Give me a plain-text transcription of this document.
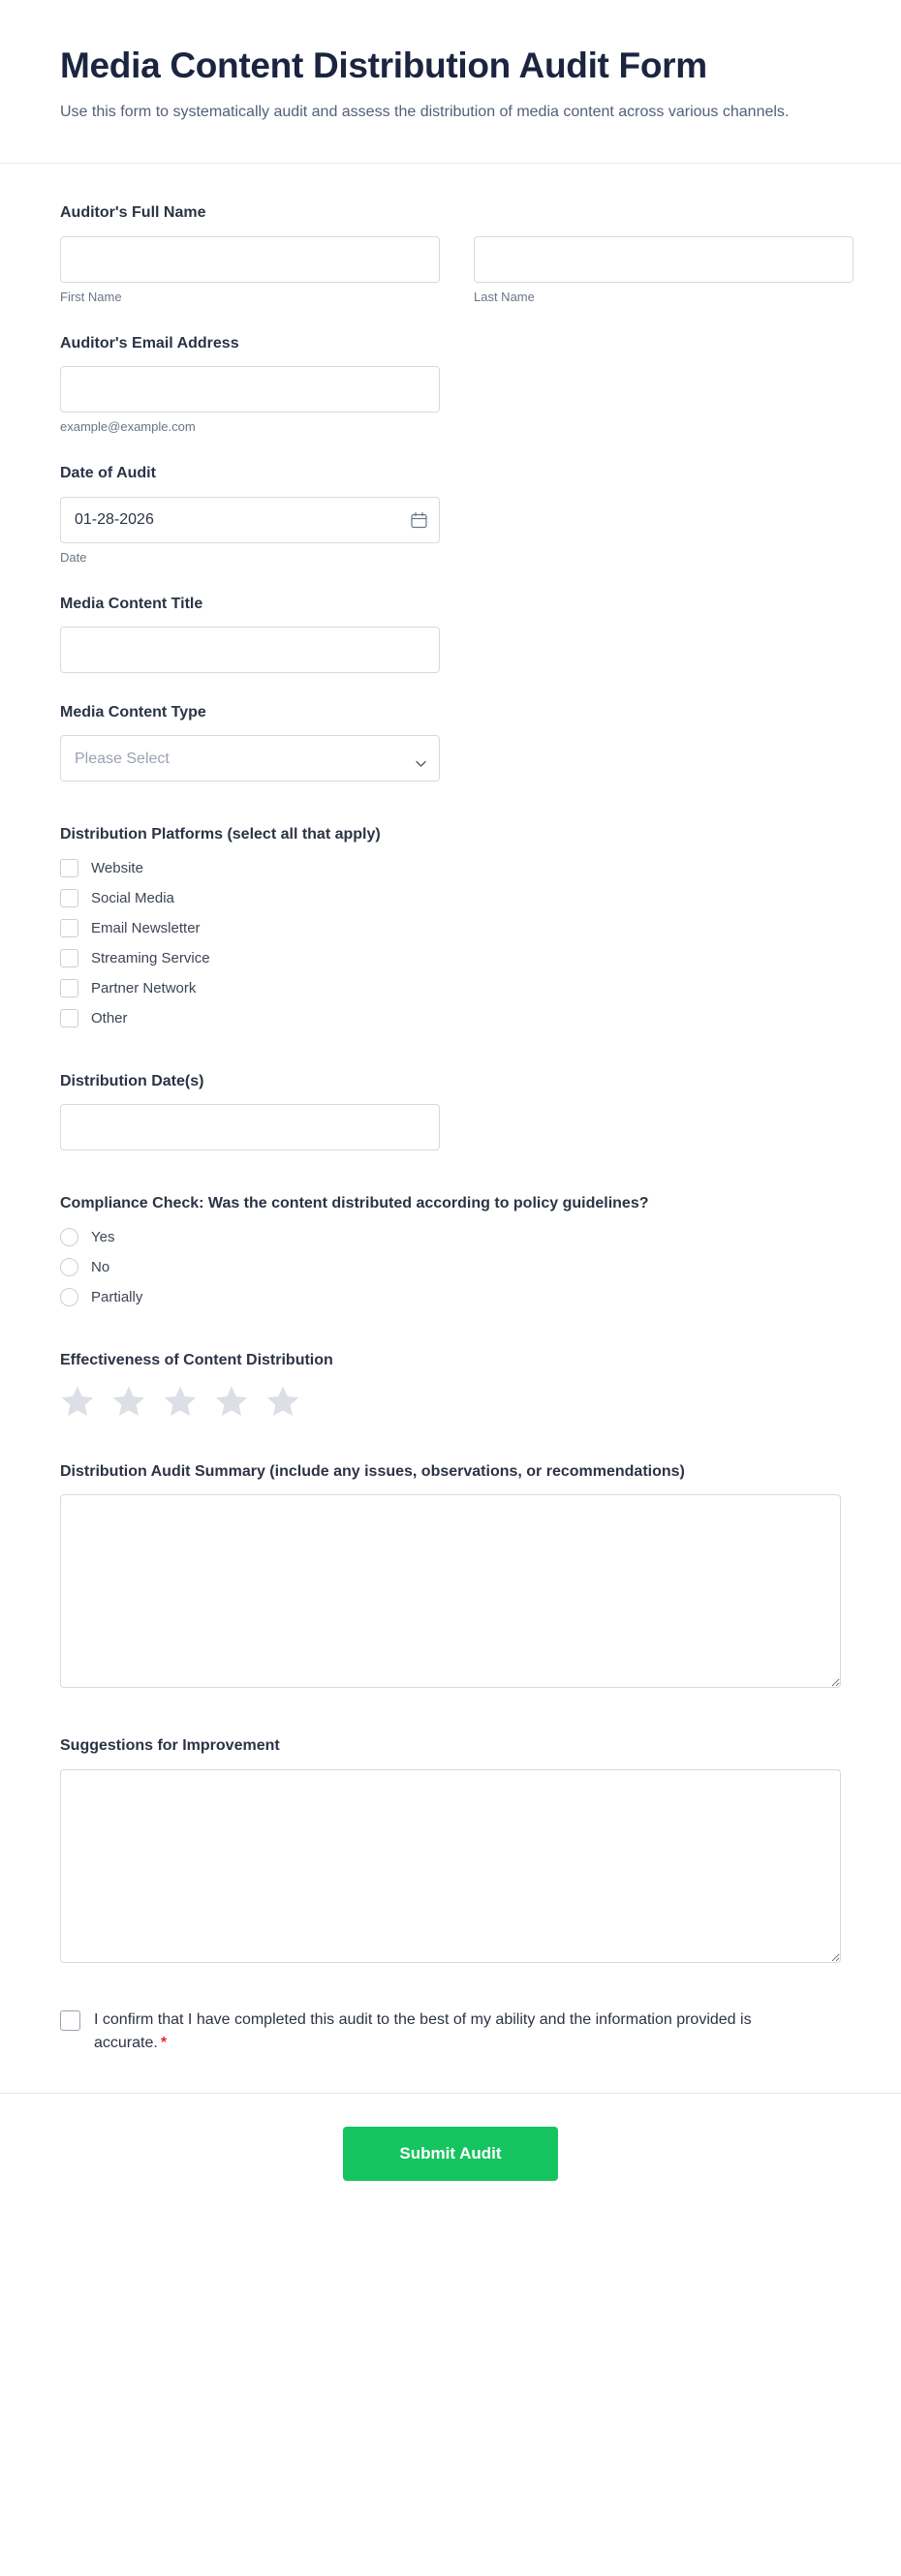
Media Content Distribution Audit Form

Use this form to systematically audit and assess the distribution of media content across various channels.

Auditor's Full Name
First Name	Last Name
Auditor's Email Address
example@example.com
Date of Audit
01-28-2026
Date
Media Content Title
Media Content Type
Please Select
Distribution Platforms (select all that apply)
Website
Social Media
Email Newsletter
Streaming Service
Partner Network
Other
Distribution Date(s)
Compliance Check: Was the content distributed according to policy guidelines?
Yes
No
Partially
Effectiveness of Content Distribution
Distribution Audit Summary (include any issues, observations, or recommendations)
Suggestions for Improvement
I confirm that I have completed this audit to the best of my ability and the information provided is accurate. *
Submit Audit
